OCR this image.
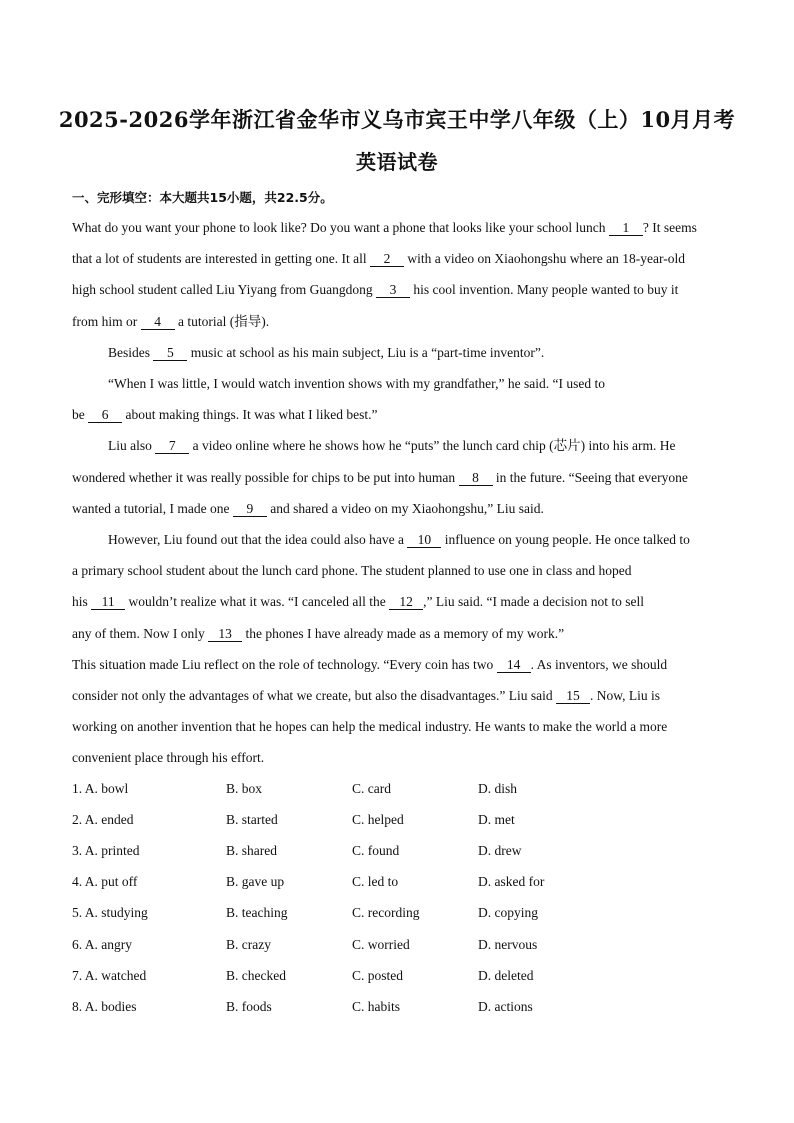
2025-2026学年浙江省金华市义乌市宾王中学八年级（上）10月月考
英语试卷
一、完形填空：本大题共15小题，共22.5分。
What do you want your phone to look like? Do you want a phone that looks like your school lunch 1 ? It seems
that a lot of students are interested in getting one. It all 2 with a video on Xiaohongshu where an 18-year-old
high school student called Liu Yiyang from Guangdong 3 his cool invention. Many people wanted to buy it
from him or 4 a tutorial (指导).
Besides 5 music at school as his main subject, Liu is a “part-time inventor”.
“When I was little, I would watch invention shows with my grandfather,” he said. “I used to
be 6 about making things. It was what I liked best.”
Liu also 7 a video online where he shows how he “puts” the lunch card chip (芯片) into his arm. He
wondered whether it was really possible for chips to be put into human 8 in the future. “Seeing that everyone
wanted a tutorial, I made one 9 and shared a video on my Xiaohongshu,” Liu said.
However, Liu found out that the idea could also have a 10 influence on young people. He once talked to
a primary school student about the lunch card phone. The student planned to use one in class and hoped
his 11 wouldn’t realize what it was. “I canceled all the 12 ,” Liu said. “I made a decision not to sell
any of them. Now I only 13 the phones I have already made as a memory of my work.”
This situation made Liu reflect on the role of technology. “Every coin has two 14 . As inventors, we should
consider not only the advantages of what we create, but also the disadvantages.” Liu said 15 . Now, Liu is
working on another invention that he hopes can help the medical industry. He wants to make the world a more
convenient place through his effort.
1. A. bowl	B. box	C. card	D. dish
2. A. ended	B. started	C. helped	D. met
3. A. printed	B. shared	C. found	D. drew
4. A. put off	B. gave up	C. led to	D. asked for
5. A. studying	B. teaching	C. recording	D. copying
6. A. angry	B. crazy	C. worried	D. nervous
7. A. watched	B. checked	C. posted	D. deleted
8. A. bodies	B. foods	C. habits	D. actions
